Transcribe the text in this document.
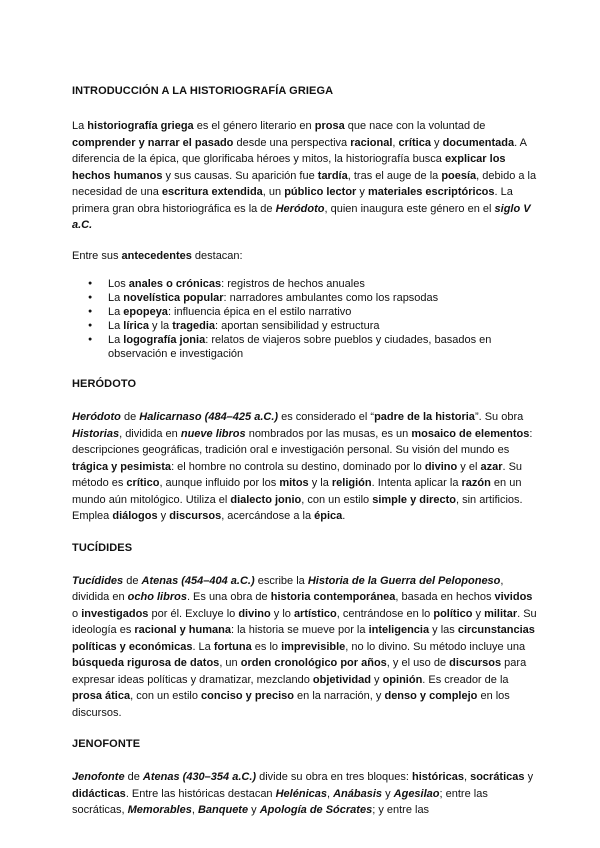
INTRODUCCIÓN A LA HISTORIOGRAFÍA GRIEGA

La historiografía griega es el género literario en prosa que nace con la voluntad de comprender y narrar el pasado desde una perspectiva racional, crítica y documentada. A diferencia de la épica, que glorificaba héroes y mitos, la historiografía busca explicar los hechos humanos y sus causas. Su aparición fue tardía, tras el auge de la poesía, debido a la necesidad de una escritura extendida, un público lector y materiales escriptóricos. La primera gran obra historiográfica es la de Heródoto, quien inaugura este género en el siglo V a.C.

Entre sus antecedentes destacan:

● Los anales o crónicas: registros de hechos anuales
● La novelística popular: narradores ambulantes como los rapsodas
● La epopeya: influencia épica en el estilo narrativo
● La lírica y la tragedia: aportan sensibilidad y estructura
● La logografía jonia: relatos de viajeros sobre pueblos y ciudades, basados en observación e investigación
HERÓDOTO

Heródoto de Halicarnaso (484–425 a.C.) es considerado el “padre de la historia”. Su obra Historias, dividida en nueve libros nombrados por las musas, es un mosaico de elementos: descripciones geográficas, tradición oral e investigación personal. Su visión del mundo es trágica y pesimista: el hombre no controla su destino, dominado por lo divino y el azar. Su método es crítico, aunque influido por los mitos y la religión. Intenta aplicar la razón en un mundo aún mitológico. Utiliza el dialecto jonio, con un estilo simple y directo, sin artificios. Emplea diálogos y discursos, acercándose a la épica.

TUCÍDIDES

Tucídides de Atenas (454–404 a.C.) escribe la Historia de la Guerra del Peloponeso, dividida en ocho libros. Es una obra de historia contemporánea, basada en hechos vividos o investigados por él. Excluye lo divino y lo artístico, centrándose en lo político y militar. Su ideología es racional y humana: la historia se mueve por la inteligencia y las circunstancias políticas y económicas. La fortuna es lo imprevisible, no lo divino. Su método incluye una búsqueda rigurosa de datos, un orden cronológico por años, y el uso de discursos para expresar ideas políticas y dramatizar, mezclando objetividad y opinión. Es creador de la prosa ática, con un estilo conciso y preciso en la narración, y denso y complejo en los discursos.

JENOFONTE

Jenofonte de Atenas (430–354 a.C.) divide su obra en tres bloques: históricas, socráticas y didácticas. Entre las históricas destacan Helénicas, Anábasis y Agesilao; entre las socráticas, Memorables, Banquete y Apología de Sócrates; y entre las
